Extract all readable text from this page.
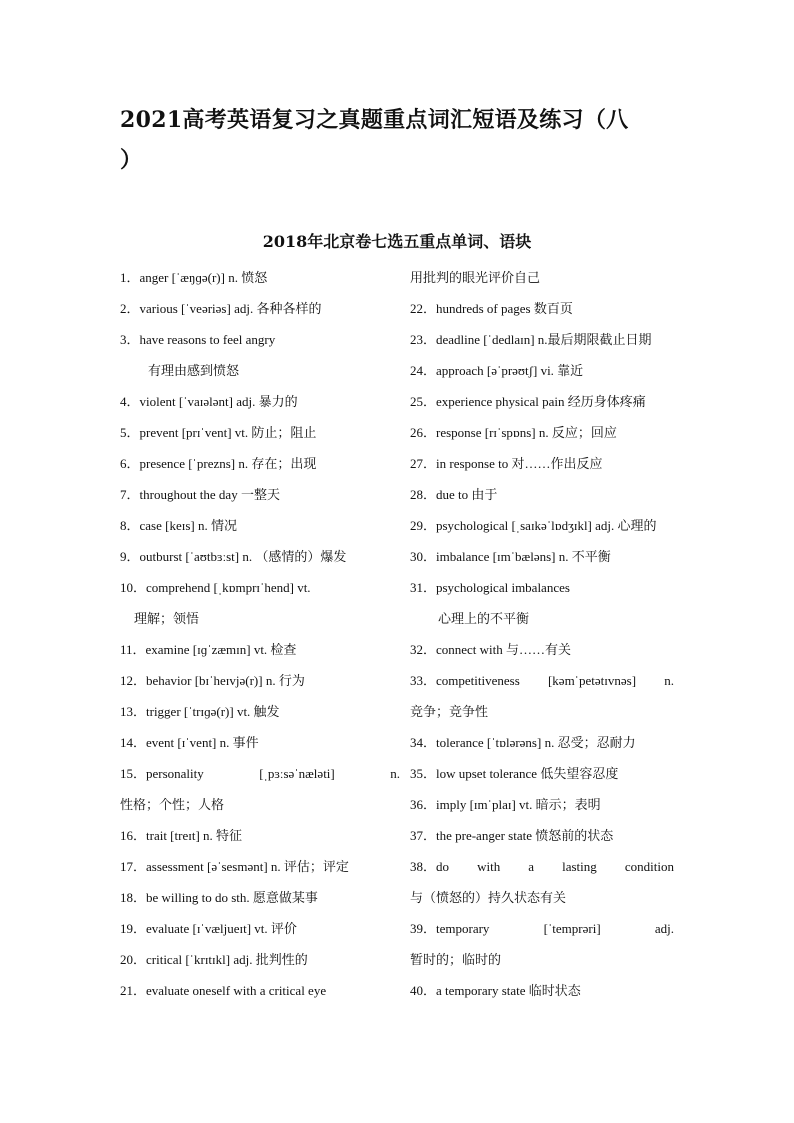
2021高考英语复习之真题重点词汇短语及练习（八
）
2018年北京卷七选五重点单词、语块
1．anger [ˈæŋɡə(r)] n. 愤怒
2．various [ˈveəriəs] adj. 各种各样的
3．have reasons to feel angry
有理由感到愤怒
4．violent [ˈvaɪələnt] adj. 暴力的
5．prevent [prɪˈvent] vt. 防止；阻止
6．presence [ˈprezns] n. 存在；出现
7．throughout the day 一整天
8．case [keɪs] n. 情况
9．outburst [ˈaʊtbɜːst] n. （感情的）爆发
10．comprehend [ˌkɒmprɪˈhend] vt.
理解；领悟
11．examine [ɪɡˈzæmɪn] vt. 检查
12．behavior [bɪˈheɪvjə(r)] n. 行为
13．trigger [ˈtrɪɡə(r)] vt. 触发
14．event [ɪˈvent] n. 事件
15．personality	[ˌpɜːsəˈnæləti]	n.
性格；个性；人格
16．trait [treɪt] n. 特征
17．assessment [əˈsesmənt] n. 评估；评定
18．be willing to do sth. 愿意做某事
19．evaluate [ɪˈvæljueɪt] vt. 评价
20．critical [ˈkrɪtɪkl] adj. 批判性的
21．evaluate oneself with a critical eye
用批判的眼光评价自己
22．hundreds of pages 数百页
23．deadline [ˈdedlaɪn] n.最后期限截止日期
24．approach [əˈprəʊtʃ] vi. 靠近
25．experience physical pain 经历身体疼痛
26．response [rɪˈspɒns] n. 反应；回应
27．in response to 对……作出反应
28．due to 由于
29．psychological [ˌsaɪkəˈlɒdʒɪkl] adj. 心理的
30．imbalance [ɪmˈbæləns] n. 不平衡
31．psychological imbalances
心理上的不平衡
32．connect with 与……有关
33．competitiveness [kəmˈpetətɪvnəs] n.
竞争；竞争性
34．tolerance [ˈtɒlərəns] n. 忍受；忍耐力
35．low upset tolerance 低失望容忍度
36．imply [ɪmˈplaɪ] vt. 暗示；表明
37．the pre-anger state 愤怒前的状态
38．do with a lasting condition
与（愤怒的）持久状态有关
39．temporary	[ˈtemprəri]	adj.
暂时的；临时的
40．a temporary state 临时状态
